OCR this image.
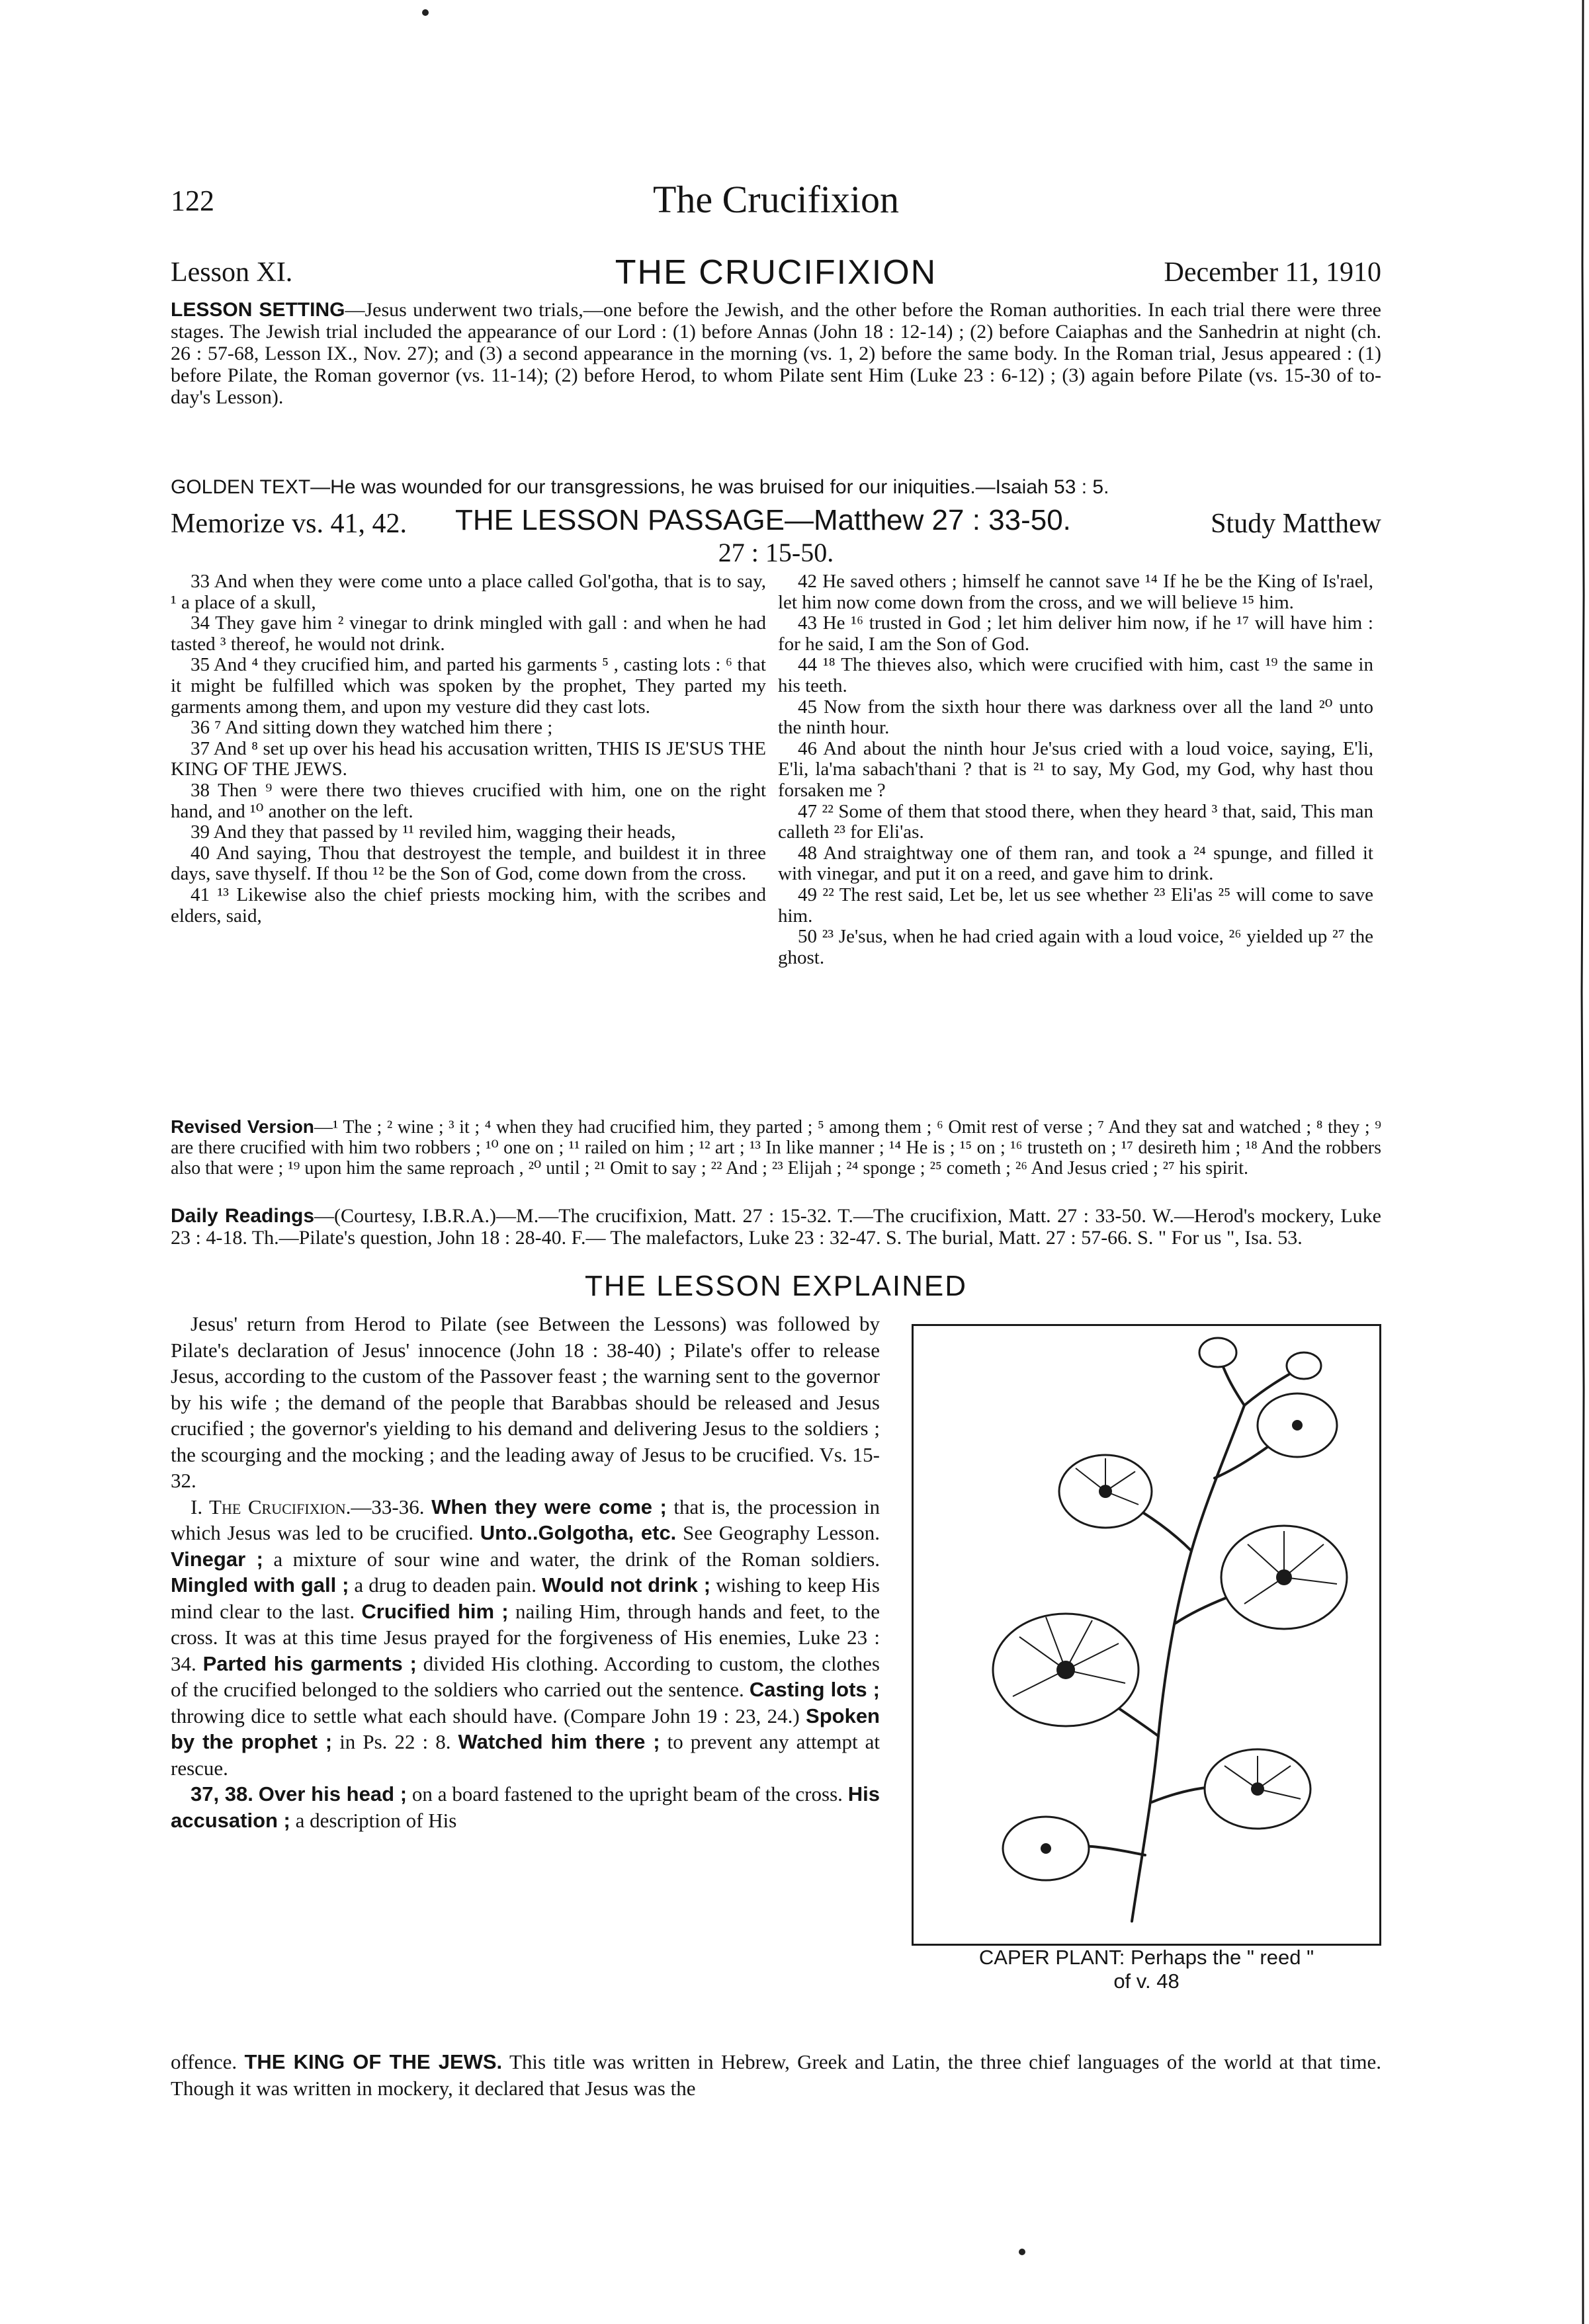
122	The Crucifixion
Lesson XI.	THE CRUCIFIXION	December 11, 1910
LESSON SETTING—Jesus underwent two trials,—one before the Jewish, and the other before the Roman authorities. In each trial there were three stages. The Jewish trial included the appearance of our Lord : (1) before Annas (John 18 : 12-14) ; (2) before Caiaphas and the Sanhedrin at night (ch. 26 : 57-68, Lesson IX., Nov. 27); and (3) a second appearance in the morning (vs. 1, 2) before the same body. In the Roman trial, Jesus appeared : (1) before Pilate, the Roman governor (vs. 11-14); (2) before Herod, to whom Pilate sent Him (Luke 23 : 6-12) ; (3) again before Pilate (vs. 15-30 of to-day's Lesson).
GOLDEN TEXT—He was wounded for our transgressions, he was bruised for our iniquities.—Isaiah 53 : 5.
Memorize vs. 41, 42. THE LESSON PASSAGE—Matthew 27 : 33-50.	Study Matthew
27 : 15-50.

33 And when they were come unto a place called Gol'gotha, that is to say, ¹ a place of a skull,

34 They gave him ² vinegar to drink mingled with gall : and when he had tasted ³ thereof, he would not drink.

35 And ⁴ they crucified him, and parted his garments ⁵ , casting lots : ⁶ that it might be fulfilled which was spoken by the prophet, They parted my garments among them, and upon my vesture did they cast lots.

36 ⁷ And sitting down they watched him there ;

37 And ⁸ set up over his head his accusation written, THIS IS JE'SUS THE KING OF THE JEWS.

38 Then ⁹ were there two thieves crucified with him, one on the right hand, and ¹⁰ another on the left.

39 And they that passed by ¹¹ reviled him, wagging their heads,

40 And saying, Thou that destroyest the temple, and buildest it in three days, save thyself. If thou ¹² be the Son of God, come down from the cross.

41 ¹³ Likewise also the chief priests mocking him, with the scribes and elders, said,

42 He saved others ; himself he cannot save ¹⁴ If he be the King of Is'rael, let him now come down from the cross, and we will believe ¹⁵ him.

43 He ¹⁶ trusted in God ; let him deliver him now, if he ¹⁷ will have him : for he said, I am the Son of God.

44 ¹⁸ The thieves also, which were crucified with him, cast ¹⁹ the same in his teeth.

45 Now from the sixth hour there was darkness over all the land ²⁰ unto the ninth hour.

46 And about the ninth hour Je'sus cried with a loud voice, saying, E'li, E'li, la'ma sabach'thani ? that is ²¹ to say, My God, my God, why hast thou forsaken me ?

47 ²² Some of them that stood there, when they heard ³ that, said, This man calleth ²³ for Eli'as.

48 And straightway one of them ran, and took a ²⁴ spunge, and filled it with vinegar, and put it on a reed, and gave him to drink.

49 ²² The rest said, Let be, let us see whether ²³ Eli'as ²⁵ will come to save him.

50 ²³ Je'sus, when he had cried again with a loud voice, ²⁶ yielded up ²⁷ the ghost.

Revised Version—¹ The ; ² wine ; ³ it ; ⁴ when they had crucified him, they parted ; ⁵ among them ; ⁶ Omit rest of verse ; ⁷ And they sat and watched ; ⁸ they ; ⁹ are there crucified with him two robbers ; ¹⁰ one on ; ¹¹ railed on him ; ¹² art ; ¹³ In like manner ; ¹⁴ He is ; ¹⁵ on ; ¹⁶ trusteth on ; ¹⁷ desireth him ; ¹⁸ And the robbers also that were ; ¹⁹ upon him the same reproach , ²⁰ until ; ²¹ Omit to say ; ²² And ; ²³ Elijah ; ²⁴ sponge ; ²⁵ cometh ; ²⁶ And Jesus cried ; ²⁷ his spirit.
Daily Readings—(Courtesy, I.B.R.A.)—M.—The crucifixion, Matt. 27 : 15-32. T.—The crucifixion, Matt. 27 : 33-50. W.—Herod's mockery, Luke 23 : 4-18. Th.—Pilate's question, John 18 : 28-40. F.— The malefactors, Luke 23 : 32-47. S. The burial, Matt. 27 : 57-66. S. " For us ", Isa. 53.
THE LESSON EXPLAINED

Jesus' return from Herod to Pilate (see Between the Lessons) was followed by Pilate's declaration of Jesus' innocence (John 18 : 38-40) ; Pilate's offer to release Jesus, according to the custom of the Passover feast ; the warning sent to the governor by his wife ; the demand of the people that Barabbas should be released and Jesus crucified ; the governor's yielding to his demand and delivering Jesus to the soldiers ; the scourging and the mocking ; and the leading away of Jesus to be crucified. Vs. 15-32.

I. The Crucifixion.—33-36. When they were come ; that is, the procession in which Jesus was led to be crucified. Unto..Golgotha, etc. See Geography Lesson. Vinegar ; a mixture of sour wine and water, the drink of the Roman soldiers. Mingled with gall ; a drug to deaden pain. Would not drink ; wishing to keep His mind clear to the last. Crucified him ; nailing Him, through hands and feet, to the cross. It was at this time Jesus prayed for the forgiveness of His enemies, Luke 23 : 34. Parted his garments ; divided His clothing. According to custom, the clothes of the crucified belonged to the soldiers who carried out the sentence. Casting lots ; throwing dice to settle what each should have. (Compare John 19 : 23, 24.) Spoken by the prophet ; in Ps. 22 : 8. Watched him there ; to prevent any attempt at rescue.

37, 38. Over his head ; on a board fastened to the upright beam of the cross. His accusation ; a description of His

CAPER PLANT: Perhaps the " reed "
of v. 48

offence. THE KING OF THE JEWS. This title was written in Hebrew, Greek and Latin, the three chief languages of the world at that time. Though it was written in mockery, it declared that Jesus was the
